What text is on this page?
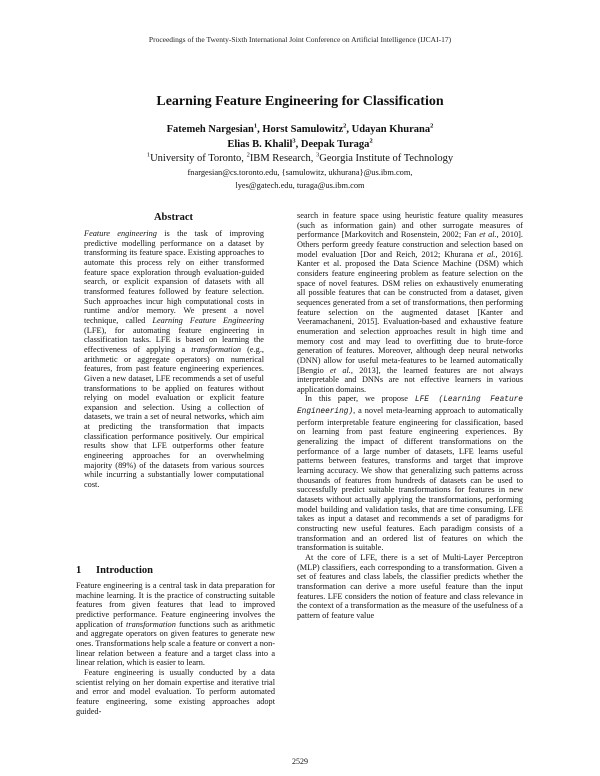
Proceedings of the Twenty-Sixth International Joint Conference on Artificial Intelligence (IJCAI-17)
Learning Feature Engineering for Classification
Fatemeh Nargesian$^1$, Horst Samulowitz$^2$, Udayan Khurana$^2$
Elias B. Khalil$^3$, Deepak Turaga$^2$
$^1$University of Toronto, $^2$IBM Research, $^3$Georgia Institute of Technology
fnargesian@cs.toronto.edu, {samulowitz, ukhurana}@us.ibm.com,
lyes@gatech.edu, turaga@us.ibm.com
Abstract
Feature engineering is the task of improving predictive modelling performance on a dataset by transforming its feature space. Existing approaches to automate this process rely on either transformed feature space exploration through evaluation-guided search, or explicit expansion of datasets with all transformed features followed by feature selection. Such approaches incur high computational costs in runtime and/or memory. We present a novel technique, called Learning Feature Engineering (LFE), for automating feature engineering in classification tasks. LFE is based on learning the effectiveness of applying a transformation (e.g., arithmetic or aggregate operators) on numerical features, from past feature engineering experiences. Given a new dataset, LFE recommends a set of useful transformations to be applied on features without relying on model evaluation or explicit feature expansion and selection. Using a collection of datasets, we train a set of neural networks, which aim at predicting the transformation that impacts classification performance positively. Our empirical results show that LFE outperforms other feature engineering approaches for an overwhelming majority (89%) of the datasets from various sources while incurring a substantially lower computational cost.
1 Introduction

Feature engineering is a central task in data preparation for machine learning. It is the practice of constructing suitable features from given features that lead to improved predictive performance. Feature engineering involves the application of transformation functions such as arithmetic and aggregate operators on given features to generate new ones. Transformations help scale a feature or convert a non-linear relation between a feature and a target class into a linear relation, which is easier to learn.

Feature engineering is usually conducted by a data scientist relying on her domain expertise and iterative trial and error and model evaluation. To perform automated feature engineering, some existing approaches adopt guided-

search in feature space using heuristic feature quality measures (such as information gain) and other surrogate measures of performance [Markovitch and Rosenstein, 2002; Fan et al., 2010]. Others perform greedy feature construction and selection based on model evaluation [Dor and Reich, 2012; Khurana et al., 2016]. Kanter et al. proposed the Data Science Machine (DSM) which considers feature engineering problem as feature selection on the space of novel features. DSM relies on exhaustively enumerating all possible features that can be constructed from a dataset, given sequences generated from a set of transformations, then performing feature selection on the augmented dataset [Kanter and Veeramachaneni, 2015]. Evaluation-based and exhaustive feature enumeration and selection approaches result in high time and memory cost and may lead to overfitting due to brute-force generation of features. Moreover, although deep neural networks (DNN) allow for useful meta-features to be learned automatically [Bengio et al., 2013], the learned features are not always interpretable and DNNs are not effective learners in various application domains.

In this paper, we propose LFE (Learning Feature Engineering), a novel meta-learning approach to automatically perform interpretable feature engineering for classification, based on learning from past feature engineering experiences. By generalizing the impact of different transformations on the performance of a large number of datasets, LFE learns useful patterns between features, transforms and target that improve learning accuracy. We show that generalizing such patterns across thousands of features from hundreds of datasets can be used to successfully predict suitable transformations for features in new datasets without actually applying the transformations, performing model building and validation tasks, that are time consuming. LFE takes as input a dataset and recommends a set of paradigms for constructing new useful features. Each paradigm consists of a transformation and an ordered list of features on which the transformation is suitable.

At the core of LFE, there is a set of Multi-Layer Perceptron (MLP) classifiers, each corresponding to a transformation. Given a set of features and class labels, the classifier predicts whether the transformation can derive a more useful feature than the input features. LFE considers the notion of feature and class relevance in the context of a transformation as the measure of the usefulness of a pattern of feature value

2529
